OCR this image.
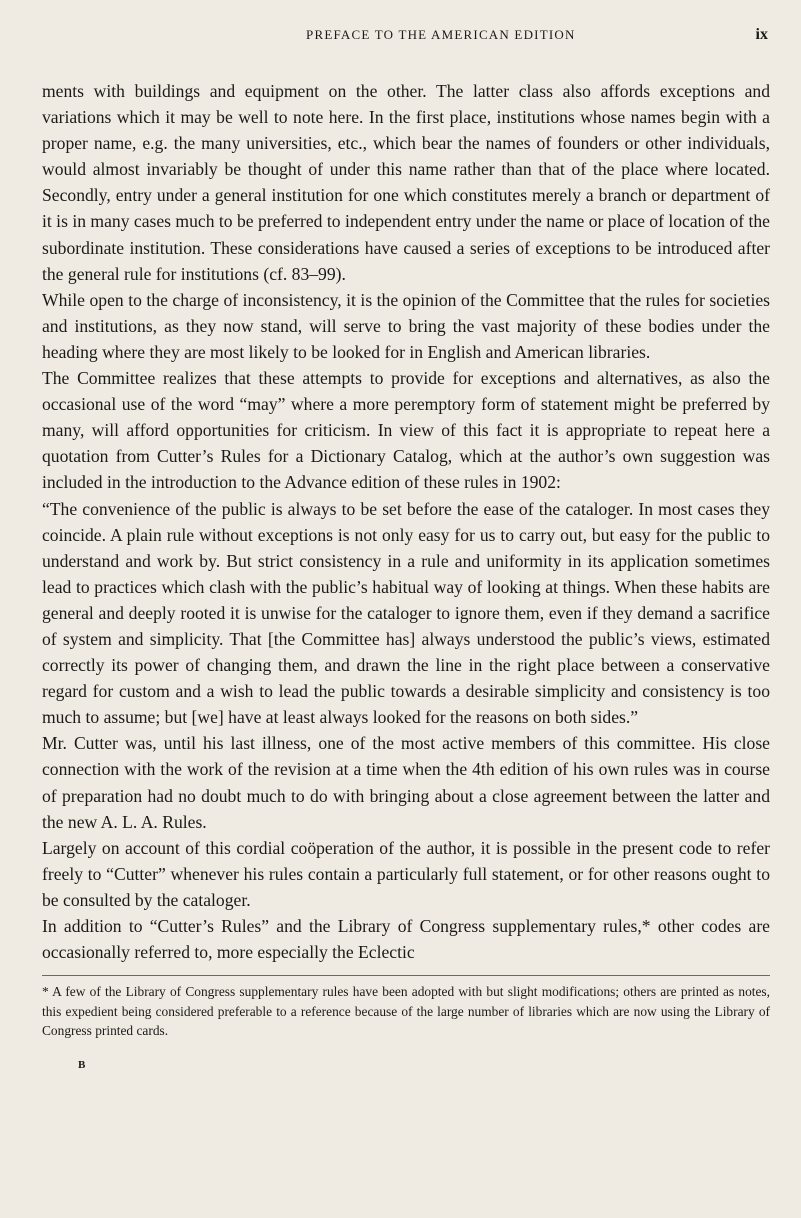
PREFACE TO THE AMERICAN EDITION	ix

ments with buildings and equipment on the other. The latter class also affords exceptions and variations which it may be well to note here. In the first place, institutions whose names begin with a proper name, e.g. the many universities, etc., which bear the names of founders or other individuals, would almost invariably be thought of under this name rather than that of the place where located. Secondly, entry under a general institution for one which constitutes merely a branch or department of it is in many cases much to be preferred to independent entry under the name or place of location of the subordinate institution. These considerations have caused a series of exceptions to be introduced after the general rule for institutions (cf. 83–99).

While open to the charge of inconsistency, it is the opinion of the Committee that the rules for societies and institutions, as they now stand, will serve to bring the vast majority of these bodies under the heading where they are most likely to be looked for in English and American libraries.

The Committee realizes that these attempts to provide for exceptions and alternatives, as also the occasional use of the word “may” where a more peremptory form of statement might be preferred by many, will afford opportunities for criticism. In view of this fact it is appropriate to repeat here a quotation from Cutter’s Rules for a Dictionary Catalog, which at the author’s own suggestion was included in the introduction to the Advance edition of these rules in 1902:

“The convenience of the public is always to be set before the ease of the cataloger. In most cases they coincide. A plain rule without exceptions is not only easy for us to carry out, but easy for the public to understand and work by. But strict consistency in a rule and uniformity in its application sometimes lead to practices which clash with the public’s habitual way of looking at things. When these habits are general and deeply rooted it is unwise for the cataloger to ignore them, even if they demand a sacrifice of system and simplicity. That [the Committee has] always understood the public’s views, estimated correctly its power of changing them, and drawn the line in the right place between a conservative regard for custom and a wish to lead the public towards a desirable simplicity and consistency is too much to assume; but [we] have at least always looked for the reasons on both sides.”

Mr. Cutter was, until his last illness, one of the most active members of this committee. His close connection with the work of the revision at a time when the 4th edition of his own rules was in course of preparation had no doubt much to do with bringing about a close agreement between the latter and the new A. L. A. Rules.

Largely on account of this cordial coöperation of the author, it is possible in the present code to refer freely to “Cutter” whenever his rules contain a particularly full statement, or for other reasons ought to be consulted by the cataloger.

In addition to “Cutter’s Rules” and the Library of Congress supplementary rules,* other codes are occasionally referred to, more especially the Eclectic

* A few of the Library of Congress supplementary rules have been adopted with but slight modifications; others are printed as notes, this expedient being considered preferable to a reference because of the large number of libraries which are now using the Library of Congress printed cards.
B
